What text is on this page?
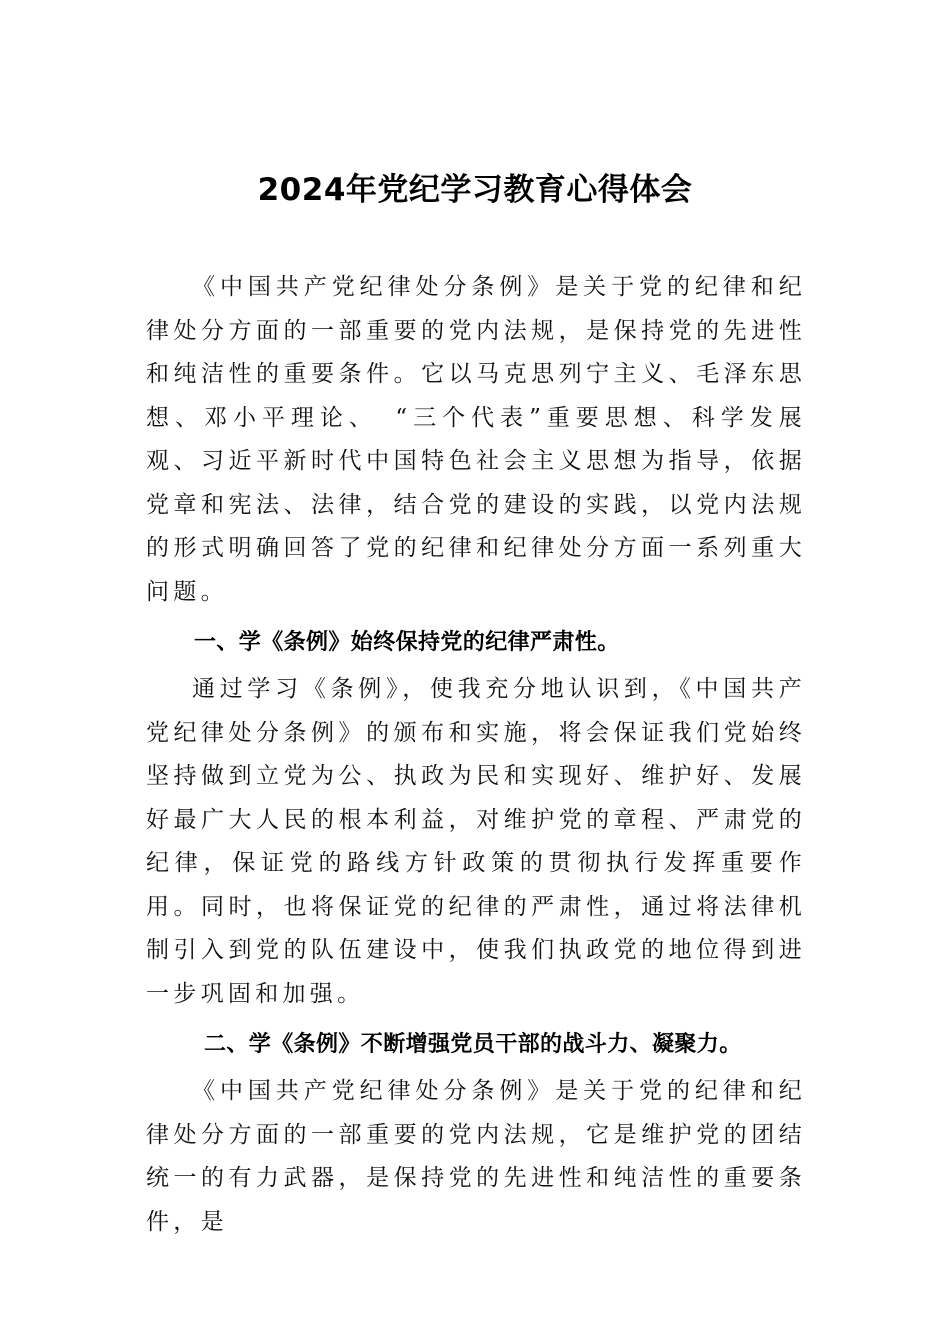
2024年党纪学习教育心得体会

《中国共产党纪律处分条例》是关于党的纪律和纪律处分方面的一部重要的党内法规，是保持党的先进性和纯洁性的重要条件。它以马克思列宁主义、毛泽东思想、邓小平理论、　“三个代表”重要思想、科学发展观、习近平新时代中国特色社会主义思想为指导，依据党章和宪法、法律，结合党的建设的实践，以党内法规的形式明确回答了党的纪律和纪律处分方面一系列重大问题。

一、学《条例》始终保持党的纪律严肃性。

通过学习《条例》，使我充分地认识到，《中国共产党纪律处分条例》的颁布和实施，将会保证我们党始终坚持做到立党为公、执政为民和实现好、维护好、发展好最广大人民的根本利益，对维护党的章程、严肃党的纪律，保证党的路线方针政策的贯彻执行发挥重要作用。同时，也将保证党的纪律的严肃性，通过将法律机制引入到党的队伍建设中，使我们执政党的地位得到进一步巩固和加强。

二、学《条例》不断增强党员干部的战斗力、凝聚力。

《中国共产党纪律处分条例》是关于党的纪律和纪律处分方面的一部重要的党内法规，它是维护党的团结统一的有力武器，是保持党的先进性和纯洁性的重要条件，是
